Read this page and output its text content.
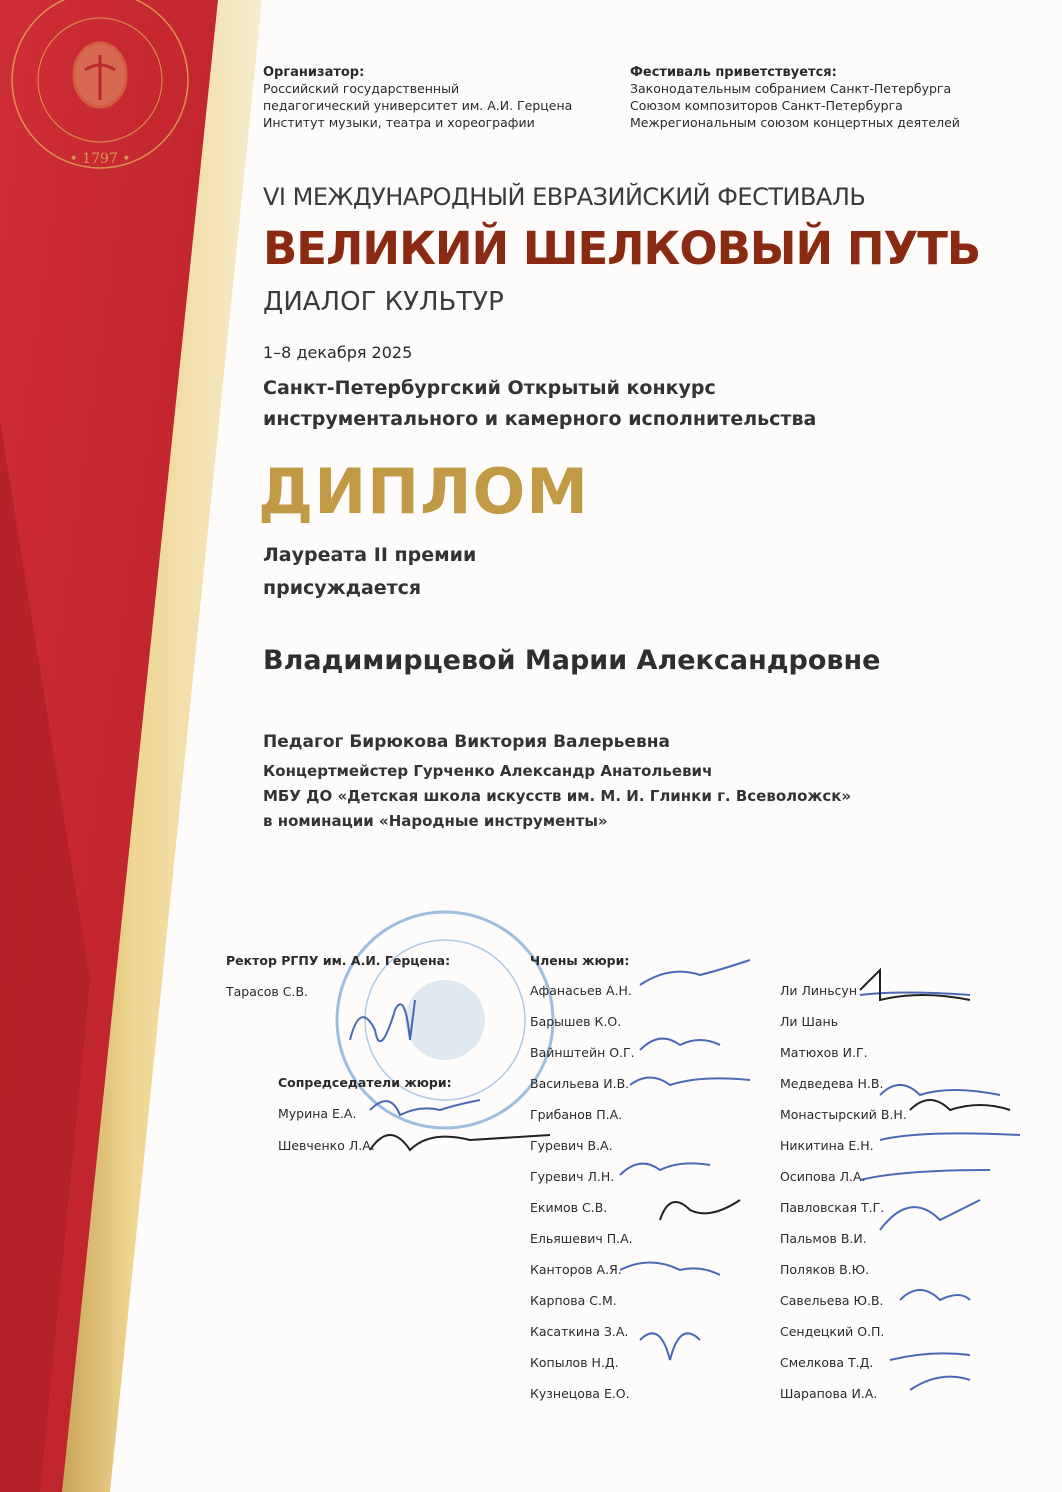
• 1797 •
Организатор:
Российский государственный
педагогический университет им. А.И. Герцена
Институт музыки, театра и хореографии
Фестиваль приветствуется:
Законодательным собранием Санкт-Петербурга
Союзом композиторов Санкт-Петербурга
Межрегиональным союзом концертных деятелей
VI МЕЖДУНАРОДНЫЙ ЕВРАЗИЙСКИЙ ФЕСТИВАЛЬ
ВЕЛИКИЙ ШЕЛКОВЫЙ ПУТЬ
ДИАЛОГ КУЛЬТУР
1–8 декабря 2025
Санкт-Петербургский Открытый конкурс
инструментального и камерного исполнительства
ДИПЛОМ
Лауреата II премии
присуждается
Владимирцевой Марии Александровне
Педагог Бирюкова Виктория Валерьевна
Концертмейстер Гурченко Александр Анатольевич
МБУ ДО «Детская школа искусств им. М. И. Глинки г. Всеволожск»
в номинации «Народные инструменты»
Ректор РГПУ им. А.И. Герцена:
Тарасов С.В.
Сопредседатели жюри:
Мурина Е.А.
Шевченко Л.А.
Члены жюри:
Афанасьев А.Н.
Барышев К.О.
Вайнштейн О.Г.
Васильева И.В.
Грибанов П.А.
Гуревич В.А.
Гуревич Л.Н.
Екимов С.В.
Ельяшевич П.А.
Канторов А.Я.
Карпова С.М.
Касаткина З.А.
Копылов Н.Д.
Кузнецова Е.О.
Ли Линьсун
Ли Шань
Матюхов И.Г.
Медведева Н.В.
Монастырский В.Н.
Никитина Е.Н.
Осипова Л.А.
Павловская Т.Г.
Пальмов В.И.
Поляков В.Ю.
Савельева Ю.В.
Сендецкий О.П.
Смелкова Т.Д.
Шарапова И.А.
